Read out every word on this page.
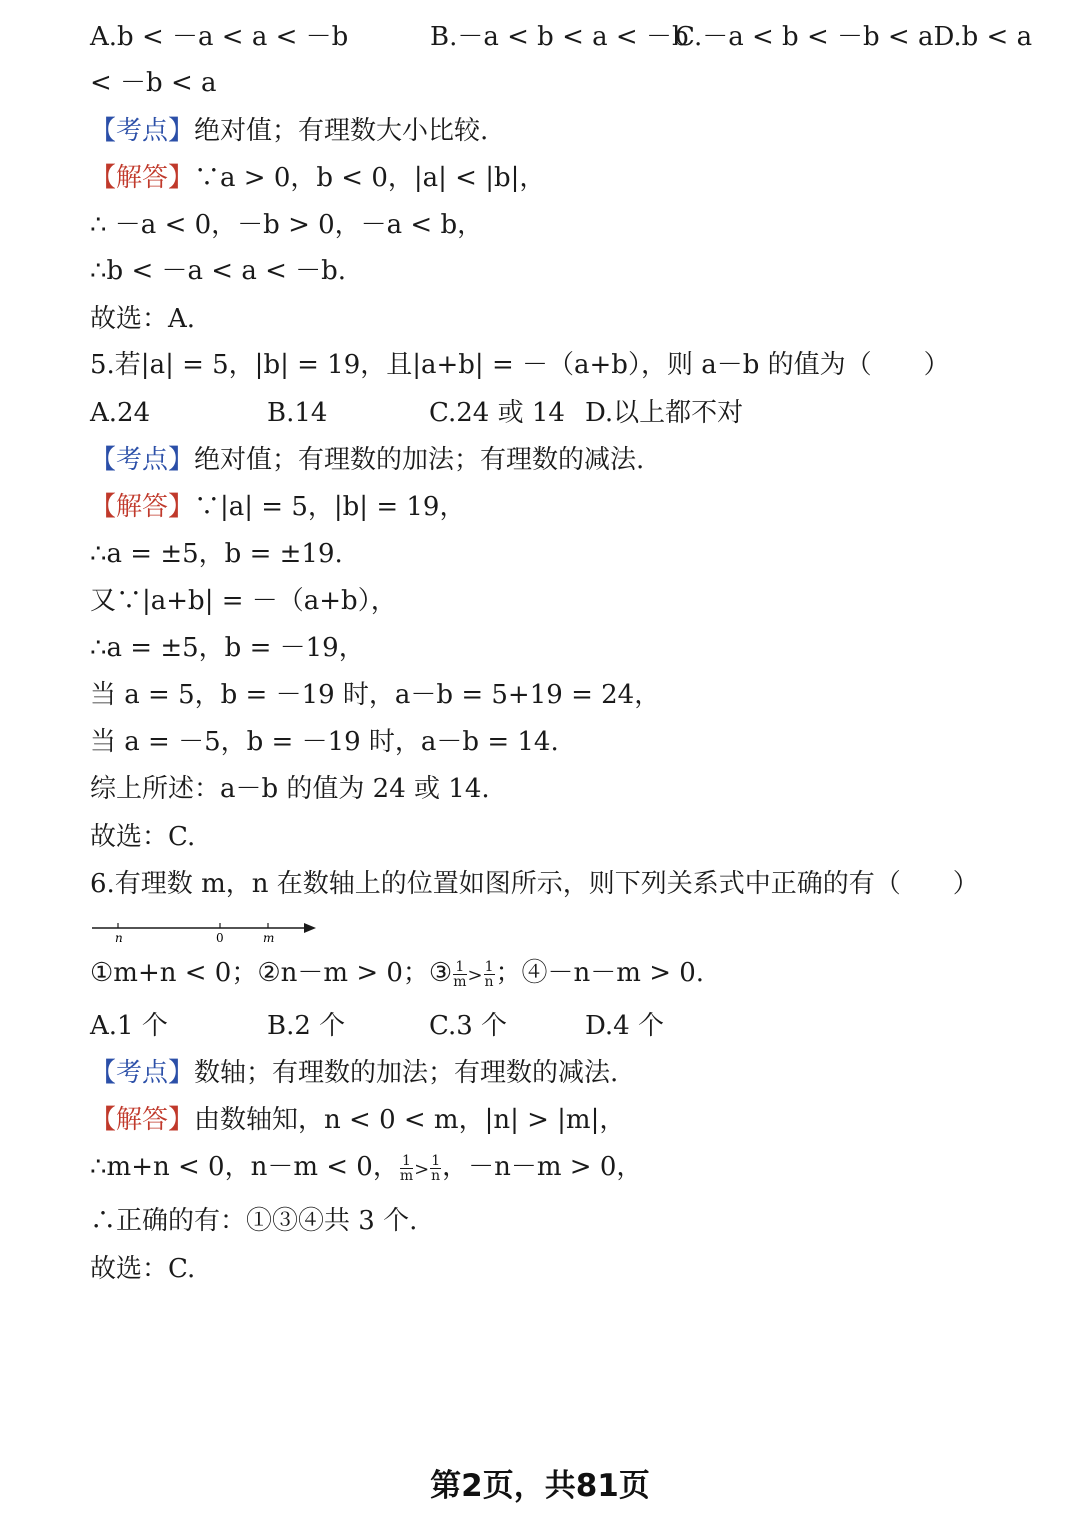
A.b < －a < a < －b	B.－a < b < a < －bC.－a < b < －b < aD.b < a
< －b < a
【考点】绝对值；有理数大小比较.
【解答】∵a > 0，b < 0，|a| < |b|，
∴ －a < 0，－b > 0，－a < b，
∴b < －a < a < －b.
故选：A.
5.若|a| = 5，|b| = 19，且|a+b| = －（a+b），则 a－b 的值为（　　）
A.24	B.14	C.24 或 14 D.以上都不对
【考点】绝对值；有理数的加法；有理数的减法.
【解答】∵|a| = 5，|b| = 19，
∴a = ±5，b = ±19.
又∵|a+b| = －（a+b），
∴a = ±5，b = －19，
当 a = 5，b = －19 时，a－b = 5+19 = 24，
当 a = －5，b = －19 时，a－b = 14.
综上所述：a－b 的值为 24 或 14.
故选：C.
6.有理数 m，n 在数轴上的位置如图所示，则下列关系式中正确的有（　　）
n	0	m
①m+n < 0；②n－m > 0；③ $\frac{1}{m} > \frac{1}{n}$ ；④－n－m > 0.
A.1 个	B.2 个	C.3 个	D.4 个
【考点】数轴；有理数的加法；有理数的减法.
【解答】由数轴知，n < 0 < m，|n| > |m|，
∴m+n < 0，n－m < 0， $\frac{1}{m} > \frac{1}{n}$ ，－n－m > 0，
∴正确的有：①③④共 3 个.
故选：C.
第2页，共81页
